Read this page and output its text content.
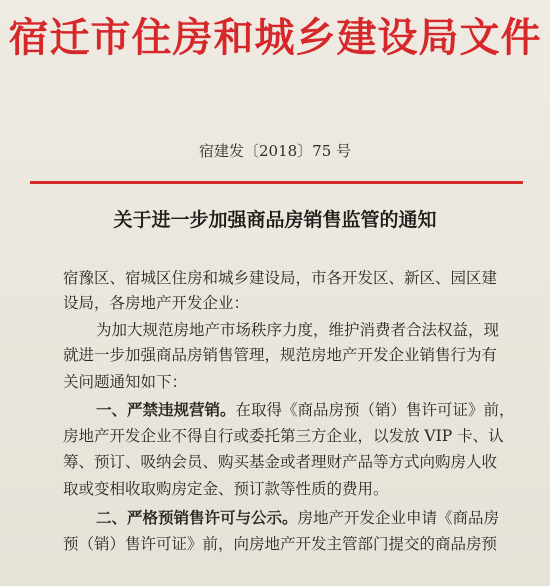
宿迁市住房和城乡建设局文件
宿建发〔2018〕75 号
关于进一步加强商品房销售监管的通知
宿豫区、宿城区住房和城乡建设局，市各开发区、新区、园区建
设局，各房地产开发企业：
为加大规范房地产市场秩序力度，维护消费者合法权益，现
就进一步加强商品房销售管理，规范房地产开发企业销售行为有
关问题通知如下：
一、严禁违规营销。在取得《商品房预（销）售许可证》前，
房地产开发企业不得自行或委托第三方企业，以发放 VIP 卡、认
筹、预订、吸纳会员、购买基金或者理财产品等方式向购房人收
取或变相收取购房定金、预订款等性质的费用。
二、严格预销售许可与公示。房地产开发企业申请《商品房
预（销）售许可证》前，向房地产开发主管部门提交的商品房预
